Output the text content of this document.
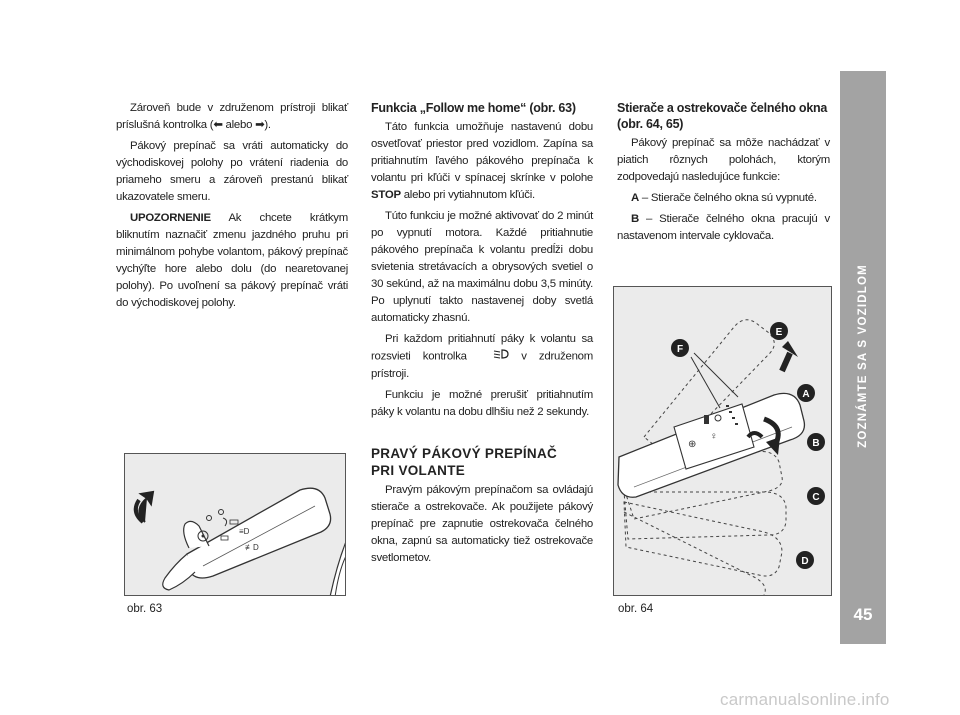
Zároveň bude v združenom prístroji blikať príslušná kontrolka (⬅ alebo ➡).

Pákový prepínač sa vráti automaticky do východiskovej polohy po vrátení riadenia do priameho smeru a zároveň prestanú blikať ukazovatele smeru.

UPOZORNENIE Ak chcete krátkym bliknutím naznačiť zmenu jazdného pruhu pri minimálnom pohybe volantom, pákový prepínač vychýľte hore alebo dolu (do nearetovanej polohy). Po uvoľnení sa pákový prepínač vráti do východiskovej polohy.

Funkcia „Follow me home“ (obr. 63)

Táto funkcia umožňuje nastavenú dobu osvetľovať priestor pred vozidlom. Zapína sa pritiahnutím ľavého pákového prepínača k volantu pri kľúči v spínacej skrínke v polohe STOP alebo pri vytiahnutom kľúči.

Túto funkciu je možné aktivovať do 2 minút po vypnutí motora. Každé pritiahnutie pákového prepínača k volantu predĺži dobu svietenia stretávacích a obrysových svetiel o 30 sekúnd, až na maximálnu dobu 3,5 minúty. Po uplynutí takto nastavenej doby svetlá automaticky zhasnú.

Pri každom pritiahnutí páky k volantu sa rozsvieti kontrolka	v združenom prístroji.

Funkciu je možné prerušiť pritiahnutím páky k volantu na dobu dlhšiu než 2 sekundy.

PRAVÝ PÁKOVÝ PREPÍNAČ
PRI VOLANTE

Pravým pákovým prepínačom sa ovládajú stierače a ostrekovače. Ak použijete pákový prepínač pre zapnutie ostrekovača čelného okna, zapnú sa automaticky tiež ostrekovače svetlometov.

Stierače a ostrekovače čelného okna
(obr. 64, 65)

Pákový prepínač sa môže nachádzať v piatich rôznych polohách, ktorým zodpovedajú nasledujúce funkcie:

A – Stierače čelného okna sú vypnuté.

B – Stierače čelného okna pracujú v nastavenom intervale cyklovača.

≡D
≢D
obr. 63
⊕
♀
A
B
C
D
E
F
obr. 64
ZOZNÁMTE SA S VOZIDLOM
45
carmanualsonline.info
